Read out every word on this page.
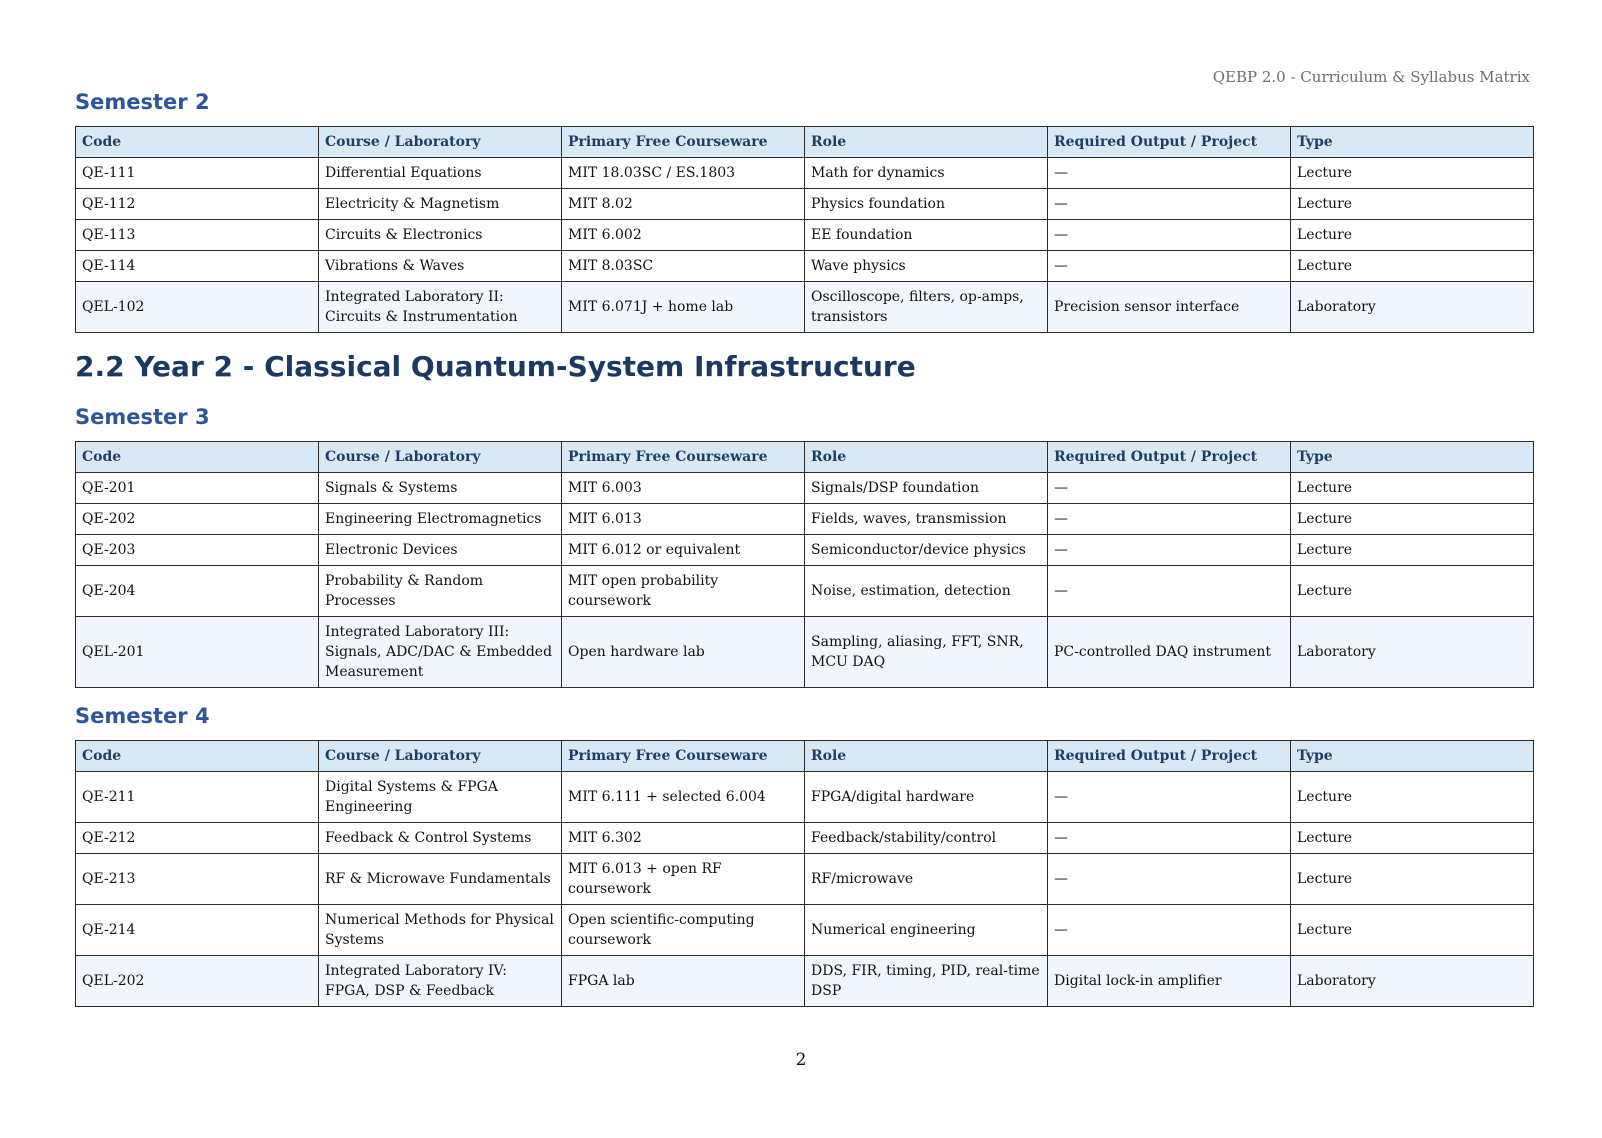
QEBP 2.0 - Curriculum & Syllabus Matrix
Semester 2
Code	Course / Laboratory	Primary Free Courseware	Role	Required Output / Project	Type
QE-111	Differential Equations	MIT 18.03SC / ES.1803	Math for dynamics	—	Lecture
QE-112	Electricity & Magnetism	MIT 8.02	Physics foundation	—	Lecture
QE-113	Circuits & Electronics	MIT 6.002	EE foundation	—	Lecture
QE-114	Vibrations & Waves	MIT 8.03SC	Wave physics	—	Lecture
QEL-102	Integrated Laboratory II: Circuits & Instrumentation	MIT 6.071J + home lab	Oscilloscope, filters, op-amps, transistors	Precision sensor interface	Laboratory
2.2 Year 2 - Classical Quantum-System Infrastructure
Semester 3
Code	Course / Laboratory	Primary Free Courseware	Role	Required Output / Project	Type
QE-201	Signals & Systems	MIT 6.003	Signals/DSP foundation	—	Lecture
QE-202	Engineering Electromagnetics	MIT 6.013	Fields, waves, transmission	—	Lecture
QE-203	Electronic Devices	MIT 6.012 or equivalent	Semiconductor/device physics	—	Lecture
QE-204	Probability & Random Processes	MIT open probability coursework	Noise, estimation, detection	—	Lecture
QEL-201	Integrated Laboratory III: Signals, ADC/DAC & Embedded Measurement	Open hardware lab	Sampling, aliasing, FFT, SNR, MCU DAQ	PC-controlled DAQ instrument	Laboratory
Semester 4
Code	Course / Laboratory	Primary Free Courseware	Role	Required Output / Project	Type
QE-211	Digital Systems & FPGA Engineering	MIT 6.111 + selected 6.004	FPGA/digital hardware	—	Lecture
QE-212	Feedback & Control Systems	MIT 6.302	Feedback/stability/control	—	Lecture
QE-213	RF & Microwave Fundamentals	MIT 6.013 + open RF coursework	RF/microwave	—	Lecture
QE-214	Numerical Methods for Physical Systems	Open scientific-computing coursework	Numerical engineering	—	Lecture
QEL-202	Integrated Laboratory IV: FPGA, DSP & Feedback	FPGA lab	DDS, FIR, timing, PID, real-time DSP	Digital lock-in amplifier	Laboratory
2
